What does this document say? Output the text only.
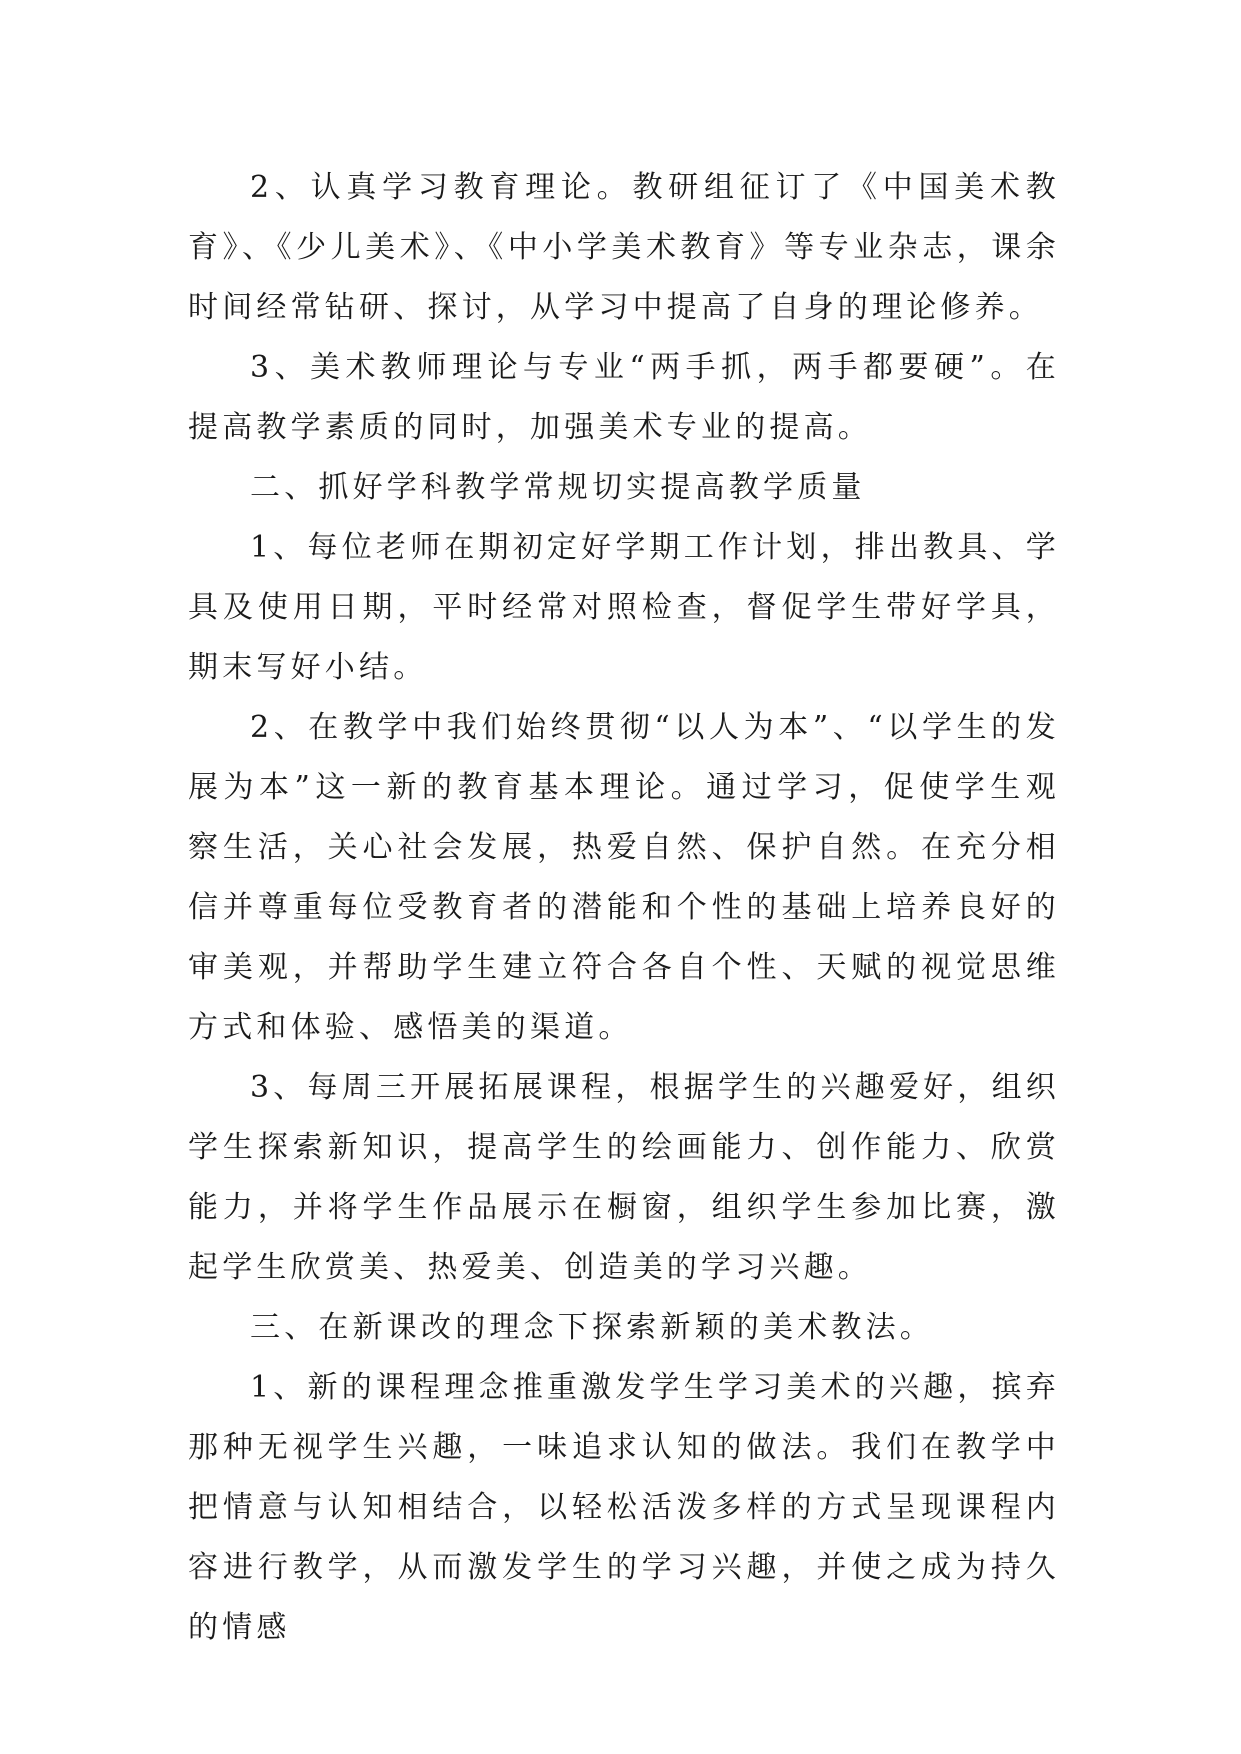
2、认真学习教育理论。教研组征订了《中国美术教育》、《少儿美术》、《中小学美术教育》等专业杂志，课余时间经常钻研、探讨，从学习中提高了自身的理论修养。

3、美术教师理论与专业“两手抓，两手都要硬”。在提高教学素质的同时，加强美术专业的提高。

二、抓好学科教学常规切实提高教学质量

1、每位老师在期初定好学期工作计划，排出教具、学具及使用日期，平时经常对照检查，督促学生带好学具，期末写好小结。

2、在教学中我们始终贯彻“以人为本”、“以学生的发展为本”这一新的教育基本理论。通过学习，促使学生观察生活，关心社会发展，热爱自然、保护自然。在充分相信并尊重每位受教育者的潜能和个性的基础上培养良好的审美观，并帮助学生建立符合各自个性、天赋的视觉思维方式和体验、感悟美的渠道。

3、每周三开展拓展课程，根据学生的兴趣爱好，组织学生探索新知识，提高学生的绘画能力、创作能力、欣赏能力，并将学生作品展示在橱窗，组织学生参加比赛，激起学生欣赏美、热爱美、创造美的学习兴趣。

三、在新课改的理念下探索新颖的美术教法。

1、新的课程理念推重激发学生学习美术的兴趣，摈弃那种无视学生兴趣，一味追求认知的做法。我们在教学中把情意与认知相结合，以轻松活泼多样的方式呈现课程内容进行教学，从而激发学生的学习兴趣，并使之成为持久的情感
